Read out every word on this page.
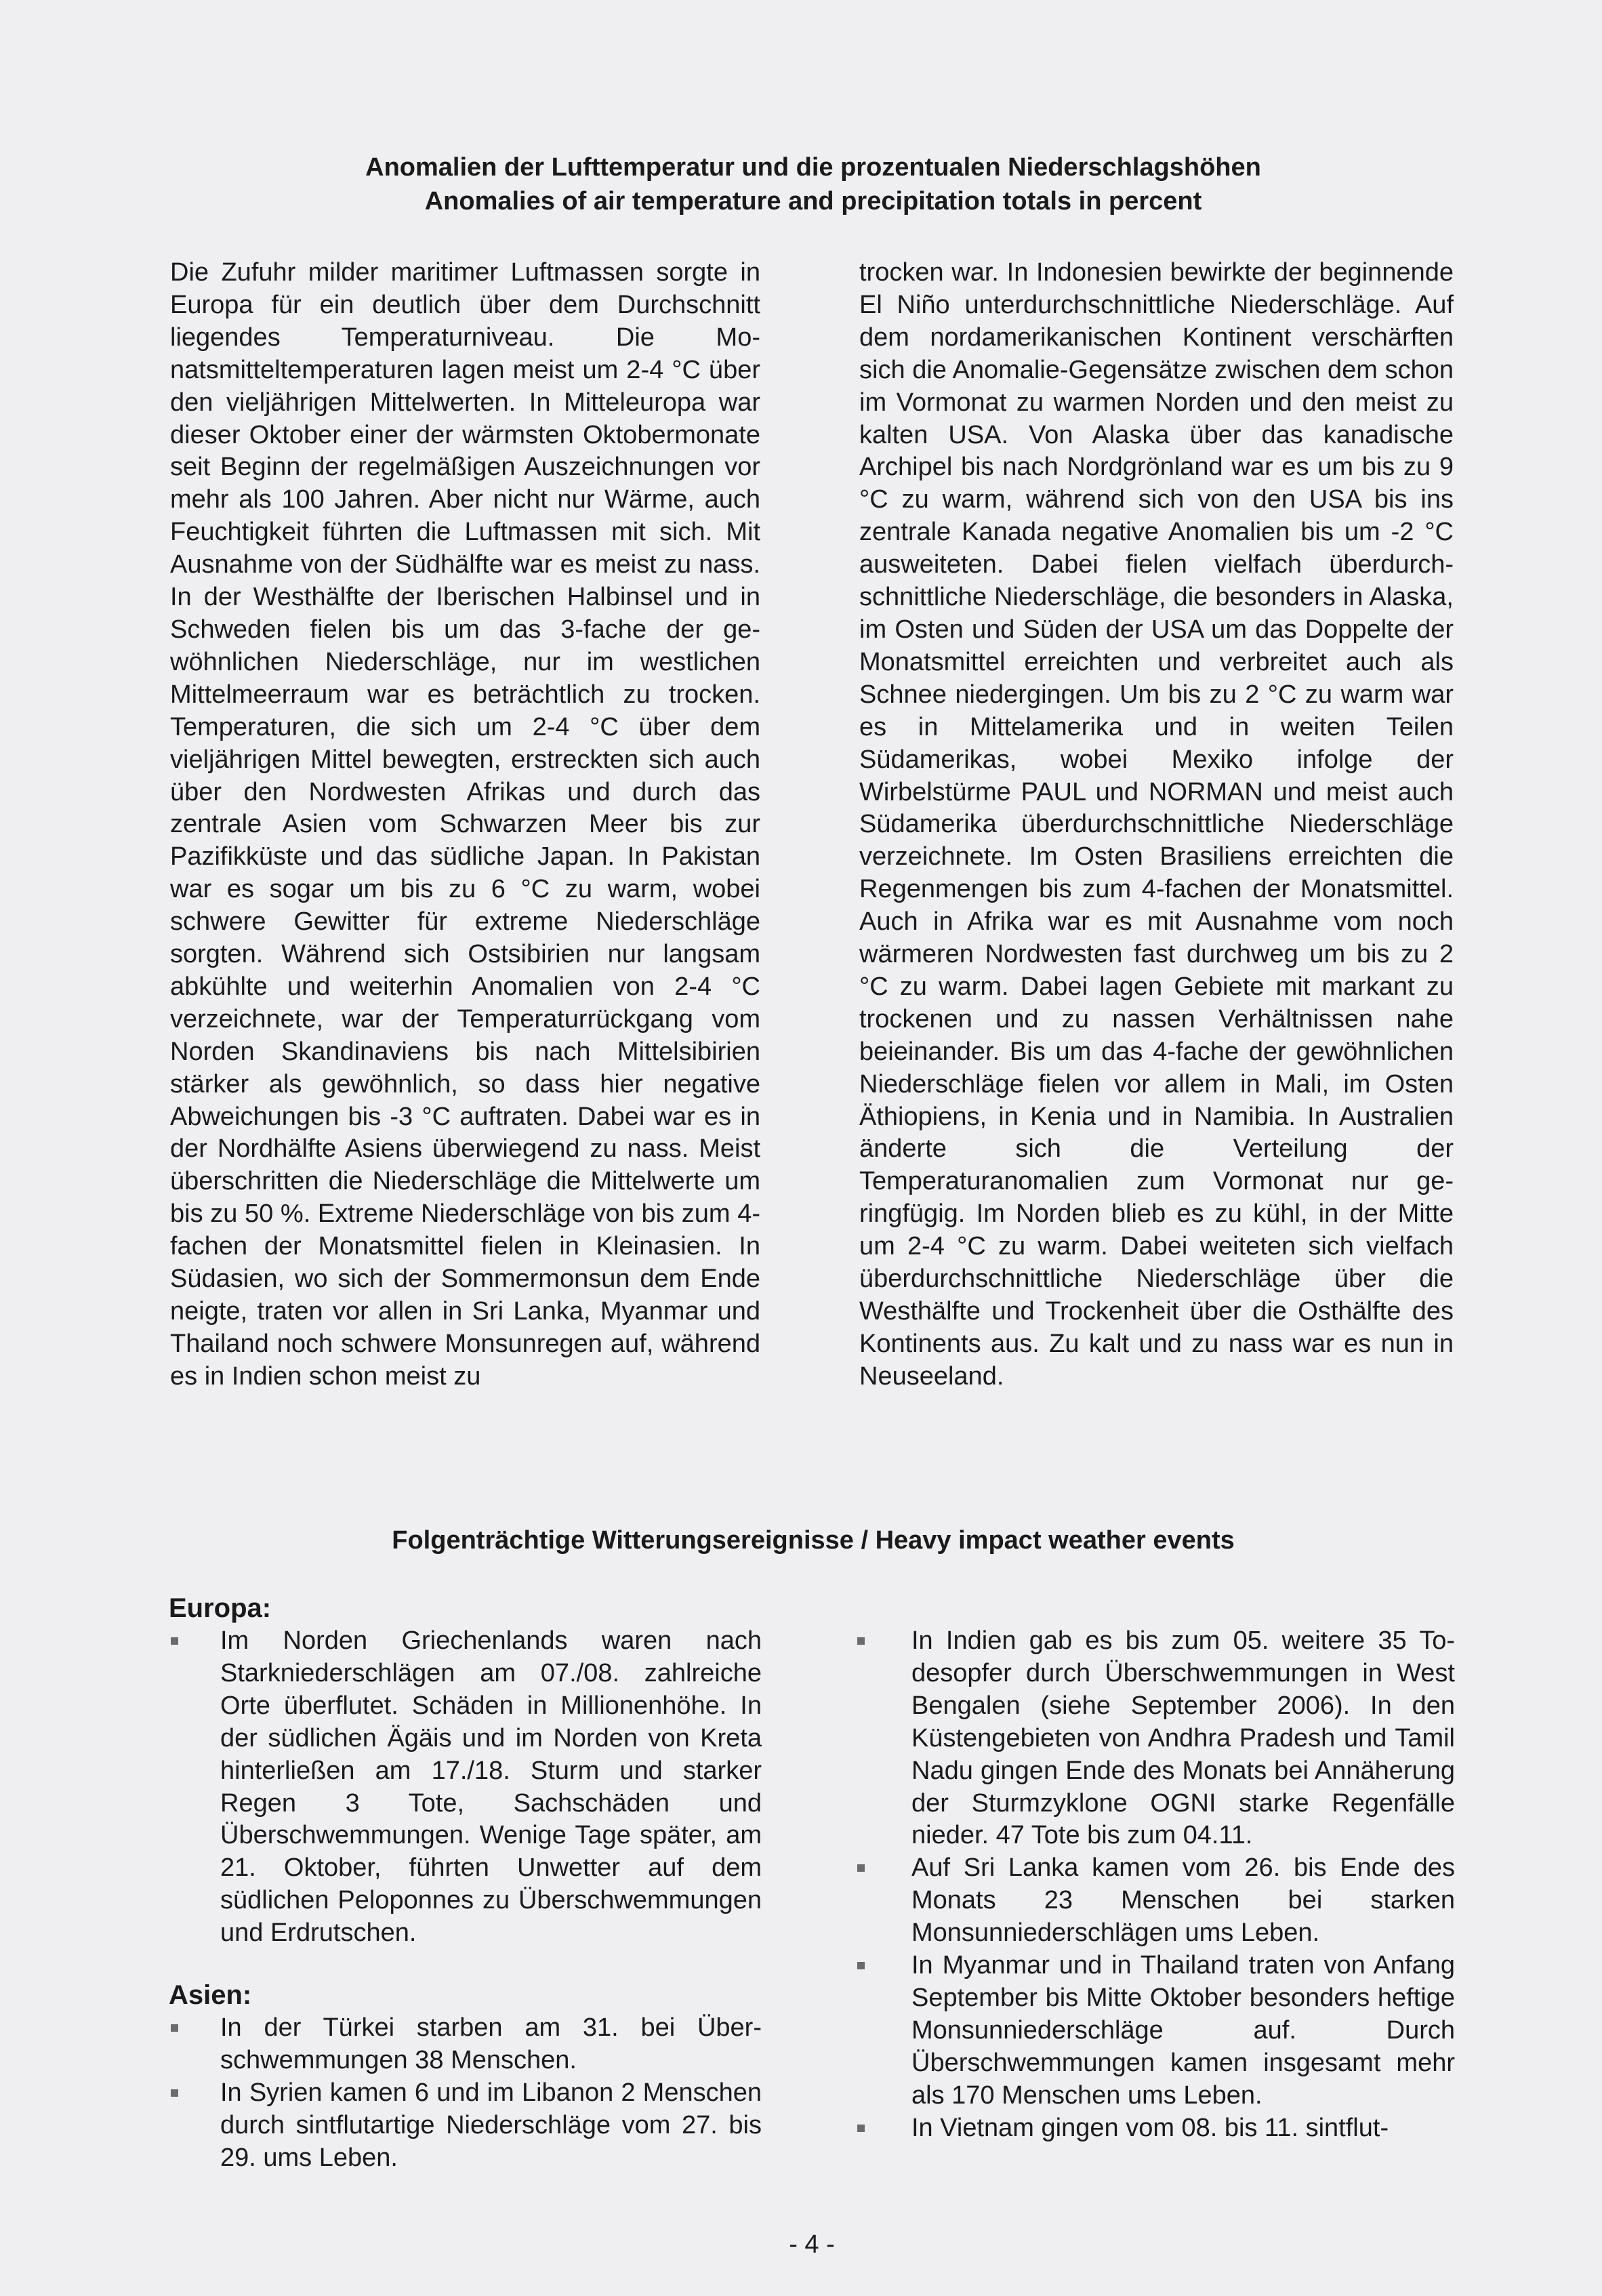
Anomalien der Lufttemperatur und die prozentualen Niederschlagshöhen
Anomalies of air temperature and precipitation totals in percent

Die Zufuhr milder maritimer Luftmassen sorgte in Europa für ein deutlich über dem Durchschnitt liegendes Temperaturniveau. Die Monatsmitteltemperaturen lagen meist um 2-4 °C über den vieljährigen Mittelwerten. In Mitteleuropa war dieser Oktober einer der wärmsten Oktobermonate seit Beginn der regelmäßigen Auszeichnungen vor mehr als 100 Jahren. Aber nicht nur Wärme, auch Feuchtigkeit führten die Luftmassen mit sich. Mit Ausnahme von der Südhälfte war es meist zu nass. In der Westhälfte der Iberischen Halbinsel und in Schweden fielen bis um das 3-fache der gewöhnlichen Niederschläge, nur im westlichen Mittelmeerraum war es beträchtlich zu trocken. Temperaturen, die sich um 2-4 °C über dem vieljährigen Mittel bewegten, erstreckten sich auch über den Nordwesten Afrikas und durch das zentrale Asien vom Schwarzen Meer bis zur Pazifikküste und das südliche Japan. In Pakistan war es sogar um bis zu 6 °C zu warm, wobei schwere Gewitter für extreme Niederschläge sorgten. Während sich Ostsibirien nur langsam abkühlte und weiterhin Anomalien von 2-4 °C verzeichnete, war der Temperaturrückgang vom Norden Skandinaviens bis nach Mittelsibirien stärker als gewöhnlich, so dass hier negative Abweichungen bis -3 °C auftraten. Dabei war es in der Nordhälfte Asiens überwiegend zu nass. Meist überschritten die Niederschläge die Mittelwerte um bis zu 50 %. Extreme Niederschläge von bis zum 4-fachen der Monatsmittel fielen in Kleinasien. In Südasien, wo sich der Sommermonsun dem Ende neigte, traten vor allen in Sri Lanka, Myanmar und Thailand noch schwere Monsunregen auf, während es in Indien schon meist zu

trocken war. In Indonesien bewirkte der beginnende El Niño unterdurchschnittliche Niederschläge. Auf dem nordamerikanischen Kontinent verschärften sich die Anomalie-Gegensätze zwischen dem schon im Vormonat zu warmen Norden und den meist zu kalten USA. Von Alaska über das kanadische Archipel bis nach Nordgrönland war es um bis zu 9 °C zu warm, während sich von den USA bis ins zentrale Kanada negative Anomalien bis um -2 °C ausweiteten. Dabei fielen vielfach überdurchschnittliche Niederschläge, die besonders in Alaska, im Osten und Süden der USA um das Doppelte der Monatsmittel erreichten und verbreitet auch als Schnee niedergingen. Um bis zu 2 °C zu warm war es in Mittelamerika und in weiten Teilen Südamerikas, wobei Mexiko infolge der Wirbelstürme PAUL und NORMAN und meist auch Südamerika überdurchschnittliche Niederschläge verzeichnete. Im Osten Brasiliens erreichten die Regenmengen bis zum 4-fachen der Monatsmittel. Auch in Afrika war es mit Ausnahme vom noch wärmeren Nordwesten fast durchweg um bis zu 2 °C zu warm. Dabei lagen Gebiete mit markant zu trockenen und zu nassen Verhältnissen nahe beieinander. Bis um das 4-fache der gewöhnlichen Niederschläge fielen vor allem in Mali, im Osten Äthiopiens, in Kenia und in Namibia. In Australien änderte sich die Verteilung der Temperaturanomalien zum Vormonat nur geringfügig. Im Norden blieb es zu kühl, in der Mitte um 2-4 °C zu warm. Dabei weiteten sich vielfach überdurchschnittliche Niederschläge über die Westhälfte und Trockenheit über die Osthälfte des Kontinents aus. Zu kalt und zu nass war es nun in Neuseeland.

Folgenträchtige Witterungsereignisse / Heavy impact weather events
Europa:
Im Norden Griechenlands waren nach Starkniederschlägen am 07./08. zahlreiche Orte überflutet. Schäden in Millionenhöhe. In der südlichen Ägäis und im Norden von Kreta hinterließen am 17./18. Sturm und starker Regen 3 Tote, Sachschäden und Überschwemmungen. Wenige Tage später, am 21. Oktober, führten Unwetter auf dem südlichen Peloponnes zu Überschwemmungen und Erdrutschen.
Asien:
In der Türkei starben am 31. bei Überschwemmungen 38 Menschen.
In Syrien kamen 6 und im Libanon 2 Menschen durch sintflutartige Niederschläge vom 27. bis 29. ums Leben.
In Indien gab es bis zum 05. weitere 35 Todesopfer durch Überschwemmungen in West Bengalen (siehe September 2006). In den Küstengebieten von Andhra Pradesh und Tamil Nadu gingen Ende des Monats bei Annäherung der Sturmzyklone OGNI starke Regenfälle nieder. 47 Tote bis zum 04.11.
Auf Sri Lanka kamen vom 26. bis Ende des Monats 23 Menschen bei starken Monsunniederschlägen ums Leben.
In Myanmar und in Thailand traten von Anfang September bis Mitte Oktober besonders heftige Monsunniederschläge auf. Durch Überschwemmungen kamen insgesamt mehr als 170 Menschen ums Leben.
In Vietnam gingen vom 08. bis 11. sintflut-
- 4 -
